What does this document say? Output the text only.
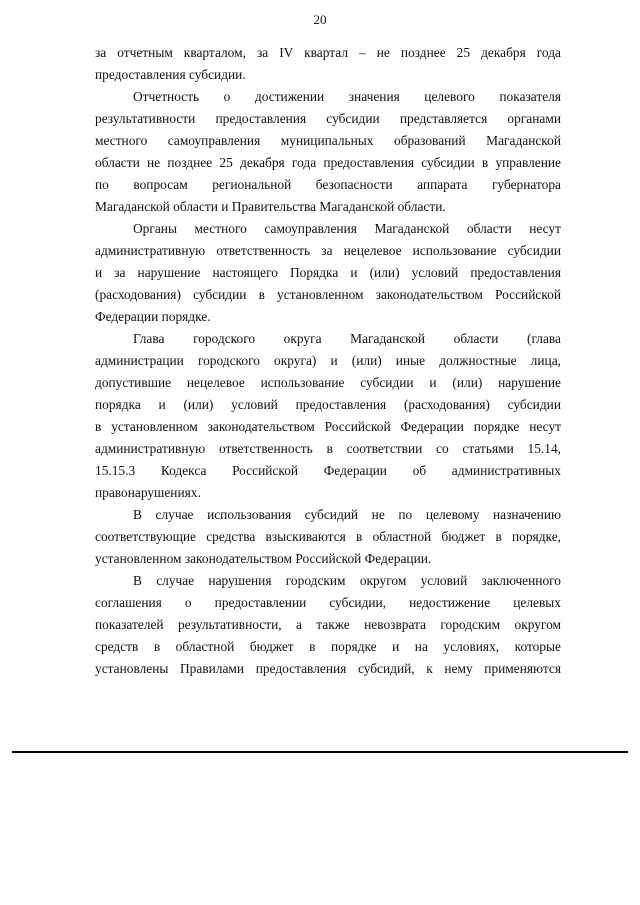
20
за отчетным кварталом, за IV квартал – не позднее 25 декабря года
предоставления субсидии.
Отчетность о достижении значения целевого показателя
результативности предоставления субсидии представляется органами
местного самоуправления муниципальных образований Магаданской
области не позднее 25 декабря года предоставления субсидии в управление
по вопросам региональной безопасности аппарата губернатора
Магаданской области и Правительства Магаданской области.
Органы местного самоуправления Магаданской области несут
административную ответственность за нецелевое использование субсидии
и за нарушение настоящего Порядка и (или) условий предоставления
(расходования) субсидии в установленном законодательством Российской
Федерации порядке.
Глава городского округа Магаданской области (глава
администрации городского округа) и (или) иные должностные лица,
допустившие нецелевое использование субсидии и (или) нарушение
порядка и (или) условий предоставления (расходования) субсидии
в установленном законодательством Российской Федерации порядке несут
административную ответственность в соответствии со статьями 15.14,
15.15.3 Кодекса Российской Федерации об административных
правонарушениях.
В случае использования субсидий не по целевому назначению
соответствующие средства взыскиваются в областной бюджет в порядке,
установленном законодательством Российской Федерации.
В случае нарушения городским округом условий заключенного
соглашения о предоставлении субсидии, недостижение целевых
показателей результативности, а также невозврата городским округом
средств в областной бюджет в порядке и на условиях, которые
установлены Правилами предоставления субсидий, к нему применяются
